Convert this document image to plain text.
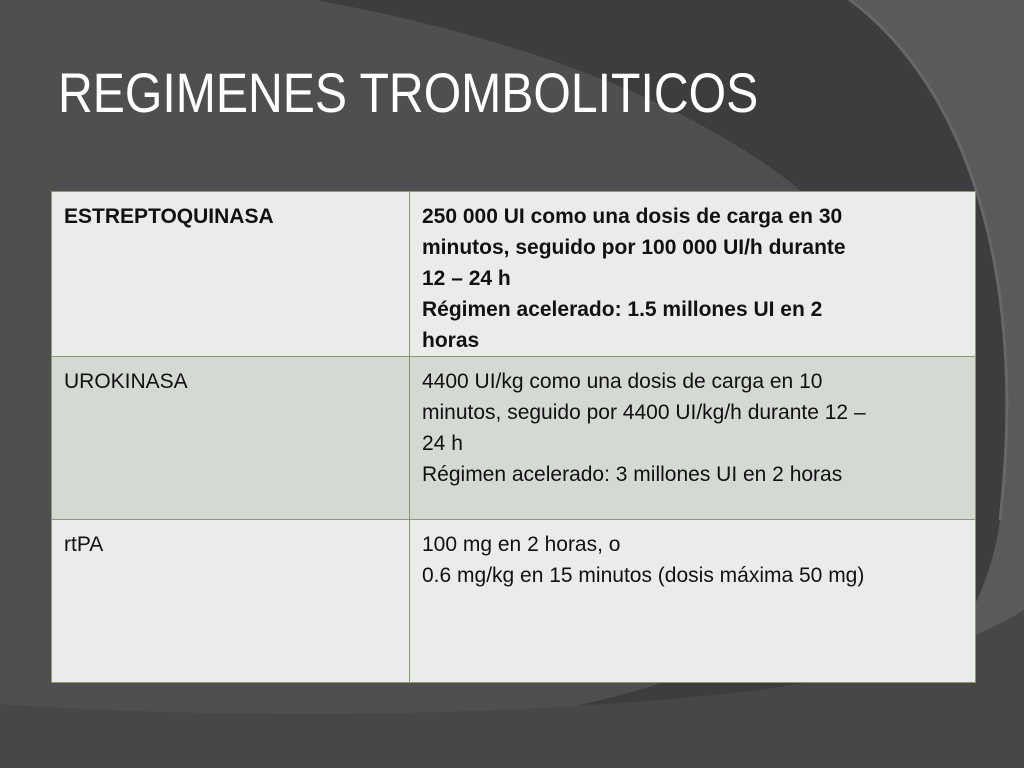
REGIMENES TROMBOLITICOS
ESTREPTOQUINASA	250 000 UI como una dosis de carga en 30
minutos, seguido por 100 000 UI/h durante
12 – 24 h
Régimen acelerado: 1.5 millones UI en 2
horas

UROKINASA	4400 UI/kg como una dosis de carga en 10
minutos, seguido por 4400 UI/kg/h durante 12 –
24 h
Régimen acelerado: 3 millones UI en 2 horas

rtPA	100 mg en 2 horas, o
0.6 mg/kg en 15 minutos (dosis máxima 50 mg)
